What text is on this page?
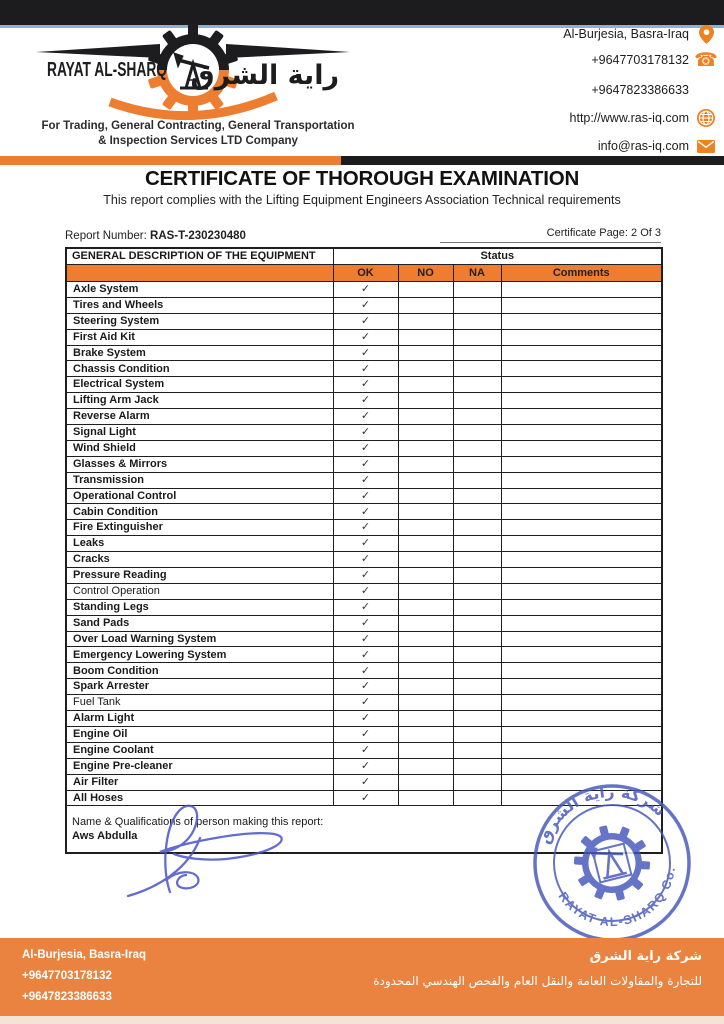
RAYAT AL-SHARQ راية الشرق
For Trading, General Contracting, General Transportation
& Inspection Services LTD Company
Al-Burjesia, Basra-Iraq
+9647703178132 ☎
+9647823386633
http://www.ras-iq.com
info@ras-iq.com
CERTIFICATE OF THOROUGH EXAMINATION
This report complies with the Lifting Equipment Engineers Association Technical requirements
Report Number: RAS-T-230230480	Certificate Page: 2 Of 3
GENERAL DESCRIPTION OF THE EQUIPMENT	Status			
	OK	NO	NA	Comments
Axle System	✓			
Tires and Wheels	✓			
Steering System	✓			
First Aid Kit	✓			
Brake System	✓			
Chassis Condition	✓			
Electrical System	✓			
Lifting Arm Jack	✓			
Reverse Alarm	✓			
Signal Light	✓			
Wind Shield	✓			
Glasses & Mirrors	✓			
Transmission	✓			
Operational Control	✓			
Cabin Condition	✓			
Fire Extinguisher	✓			
Leaks	✓			
Cracks	✓			
Pressure Reading	✓			
Control Operation	✓			
Standing Legs	✓			
Sand Pads	✓			
Over Load Warning System	✓			
Emergency Lowering System	✓			
Boom Condition	✓			
Spark Arrester	✓			
Fuel Tank	✓			
Alarm Light	✓			
Engine Oil	✓			
Engine Coolant	✓			
Engine Pre-cleaner	✓			
Air Filter	✓			
All Hoses	✓			

Name & Qualifications of person making this report:
Aws Abdulla					شركة راية الشرق
RAYAT AL-SHARQ Co.
Al-Burjesia, Basra-Iraq
+9647703178132
+9647823386633
شركة راية الشرق
للتجارة والمقاولات العامة والنقل العام والفحص الهندسي المحدودة
